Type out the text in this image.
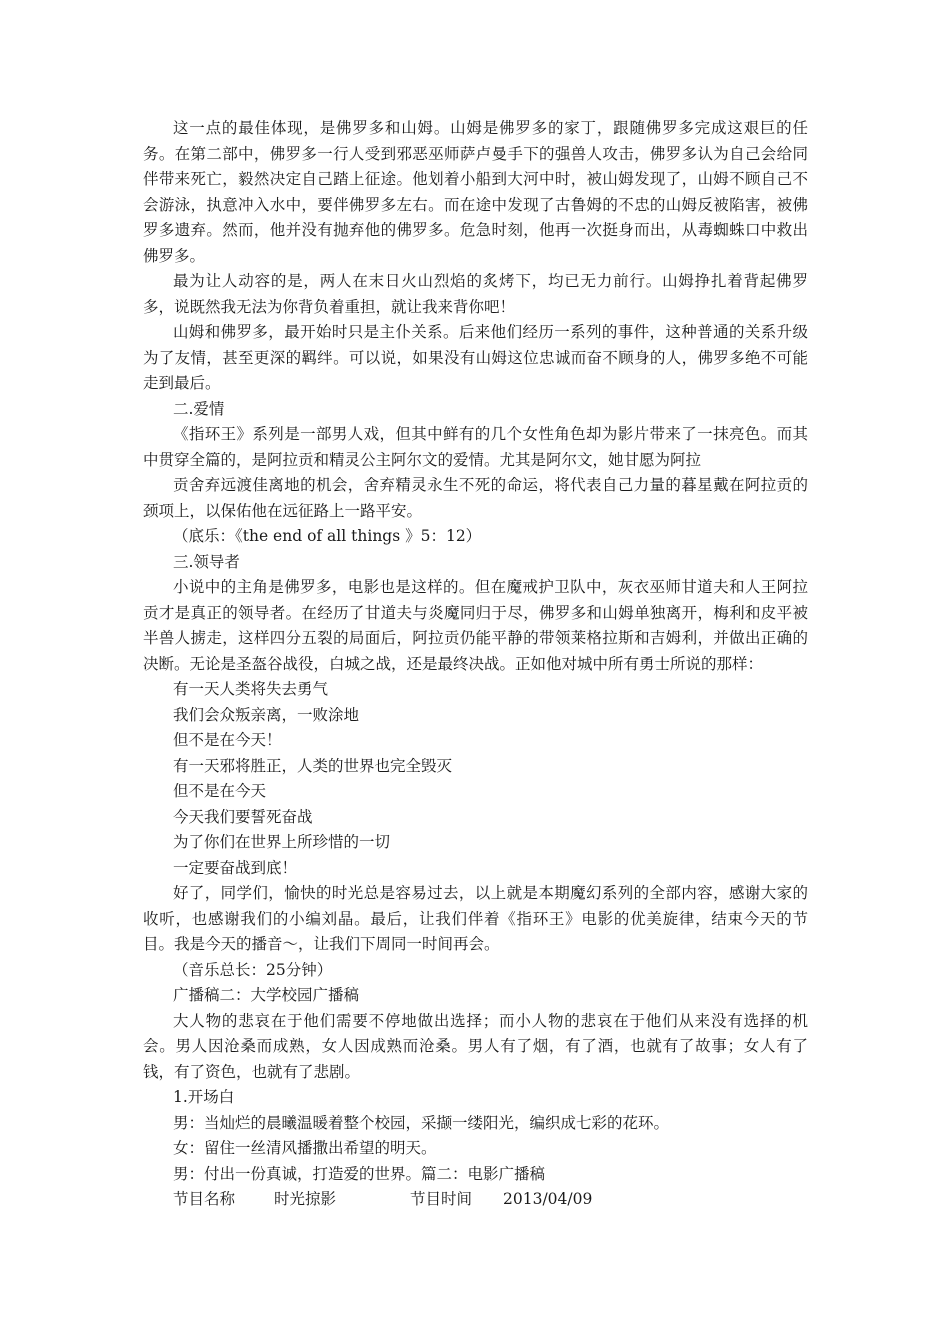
这一点的最佳体现，是佛罗多和山姆。山姆是佛罗多的家丁，跟随佛罗多完成这艰巨的任务。在第二部中，佛罗多一行人受到邪恶巫师萨卢曼手下的强兽人攻击，佛罗多认为自己会给同伴带来死亡，毅然决定自己踏上征途。他划着小船到大河中时，被山姆发现了，山姆不顾自己不会游泳，执意冲入水中，要伴佛罗多左右。而在途中发现了古鲁姆的不忠的山姆反被陷害，被佛罗多遗弃。然而，他并没有抛弃他的佛罗多。危急时刻，他再一次挺身而出，从毒蜘蛛口中救出佛罗多。

最为让人动容的是，两人在末日火山烈焰的炙烤下，均已无力前行。山姆挣扎着背起佛罗多，说既然我无法为你背负着重担，就让我来背你吧！

山姆和佛罗多，最开始时只是主仆关系。后来他们经历一系列的事件，这种普通的关系升级为了友情，甚至更深的羁绊。可以说，如果没有山姆这位忠诚而奋不顾身的人，佛罗多绝不可能走到最后。

二.爱情

《指环王》系列是一部男人戏，但其中鲜有的几个女性角色却为影片带来了一抹亮色。而其中贯穿全篇的，是阿拉贡和精灵公主阿尔文的爱情。尤其是阿尔文，她甘愿为阿拉

贡舍弃远渡佳离地的机会，舍弃精灵永生不死的命运，将代表自己力量的暮星戴在阿拉贡的颈项上，以保佑他在远征路上一路平安。

（底乐：《the end of all things 》5：12）

三.领导者

小说中的主角是佛罗多，电影也是这样的。但在魔戒护卫队中，灰衣巫师甘道夫和人王阿拉贡才是真正的领导者。在经历了甘道夫与炎魔同归于尽，佛罗多和山姆单独离开，梅利和皮平被半兽人掳走，这样四分五裂的局面后，阿拉贡仍能平静的带领莱格拉斯和吉姆利，并做出正确的决断。无论是圣盔谷战役，白城之战，还是最终决战。正如他对城中所有勇士所说的那样：

有一天人类将失去勇气

我们会众叛亲离，一败涂地

但不是在今天！

有一天邪将胜正，人类的世界也完全毁灭

但不是在今天

今天我们要誓死奋战

为了你们在世界上所珍惜的一切

一定要奋战到底！

好了，同学们，愉快的时光总是容易过去，以上就是本期魔幻系列的全部内容，感谢大家的收听，也感谢我们的小编刘晶。最后，让我们伴着《指环王》电影的优美旋律，结束今天的节目。我是今天的播音～，让我们下周同一时间再会。

（音乐总长：25分钟）

广播稿二：大学校园广播稿

大人物的悲哀在于他们需要不停地做出选择；而小人物的悲哀在于他们从来没有选择的机会。男人因沧桑而成熟，女人因成熟而沧桑。男人有了烟，有了酒，也就有了故事；女人有了钱，有了资色，也就有了悲剧。

1.开场白

男：当灿烂的晨曦温暖着整个校园，采撷一缕阳光，编织成七彩的花环。

女：留住一丝清风播撒出希望的明天。

男：付出一份真诚，打造爱的世界。篇二：电影广播稿

节目名称	时光掠影	节目时间	2013/04/09
